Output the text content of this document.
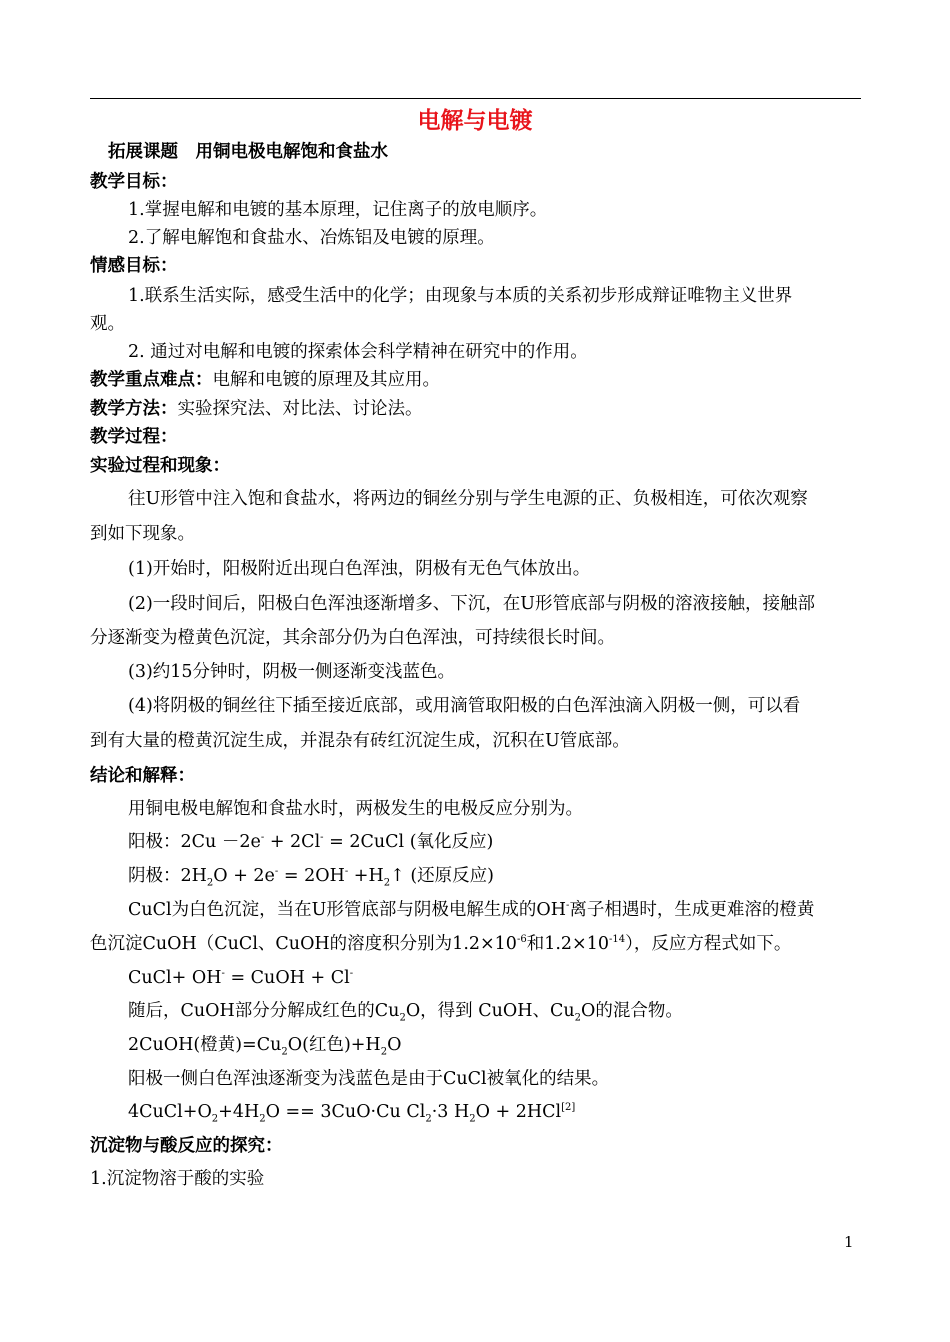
电解与电镀
拓展课题　用铜电极电解饱和食盐水
教学目标：
1.掌握电解和电镀的基本原理，记住离子的放电顺序。
2.了解电解饱和食盐水、冶炼铝及电镀的原理。
情感目标：
1.联系生活实际，感受生活中的化学；由现象与本质的关系初步形成辩证唯物主义世界
观。
2. 通过对电解和电镀的探索体会科学精神在研究中的作用。
教学重点难点：电解和电镀的原理及其应用。
教学方法：实验探究法、对比法、讨论法。
教学过程：
实验过程和现象：
往U形管中注入饱和食盐水，将两边的铜丝分别与学生电源的正、负极相连，可依次观察
到如下现象。
(1)开始时，阳极附近出现白色浑浊，阴极有无色气体放出。
(2)一段时间后，阳极白色浑浊逐渐增多、下沉，在U形管底部与阴极的溶液接触，接触部
分逐渐变为橙黄色沉淀，其余部分仍为白色浑浊，可持续很长时间。
(3)约15分钟时，阴极一侧逐渐变浅蓝色。
(4)将阴极的铜丝往下插至接近底部，或用滴管取阳极的白色浑浊滴入阴极一侧，可以看
到有大量的橙黄沉淀生成，并混杂有砖红沉淀生成，沉积在U管底部。
结论和解释：
用铜电极电解饱和食盐水时，两极发生的电极反应分别为。
阳极：2Cu －2e- + 2Cl- = 2CuCl (氧化反应)
阴极：$2H_2O + 2e^- = 2OH^-$ $+H_2↑$ (还原反应)
CuCl为白色沉淀，当在U形管底部与阴极电解生成的OH-离子相遇时，生成更难溶的橙黄
色沉淀CuOH（CuCl、CuOH的溶度积分别为$1.2\times 10^{-6}$和$1.2\times 10^{-14}$），反应方程式如下。
CuCl+ OH- = CuOH + Cl-
随后，CuOH部分分解成红色的$Cu_2O$，得到 CuOH、$Cu_2O$的混合物。
2CuOH(橙黄)$=Cu_2O$(红色)$+H_2O$
阳极一侧白色浑浊逐渐变为浅蓝色是由于CuCl被氧化的结果。
$4CuCl+O_2+4H_2O == 3CuO\cdot Cu$ $Cl_2\cdot 3$ $H_2O + 2HCl[2]$
沉淀物与酸反应的探究：
1.沉淀物溶于酸的实验
1
